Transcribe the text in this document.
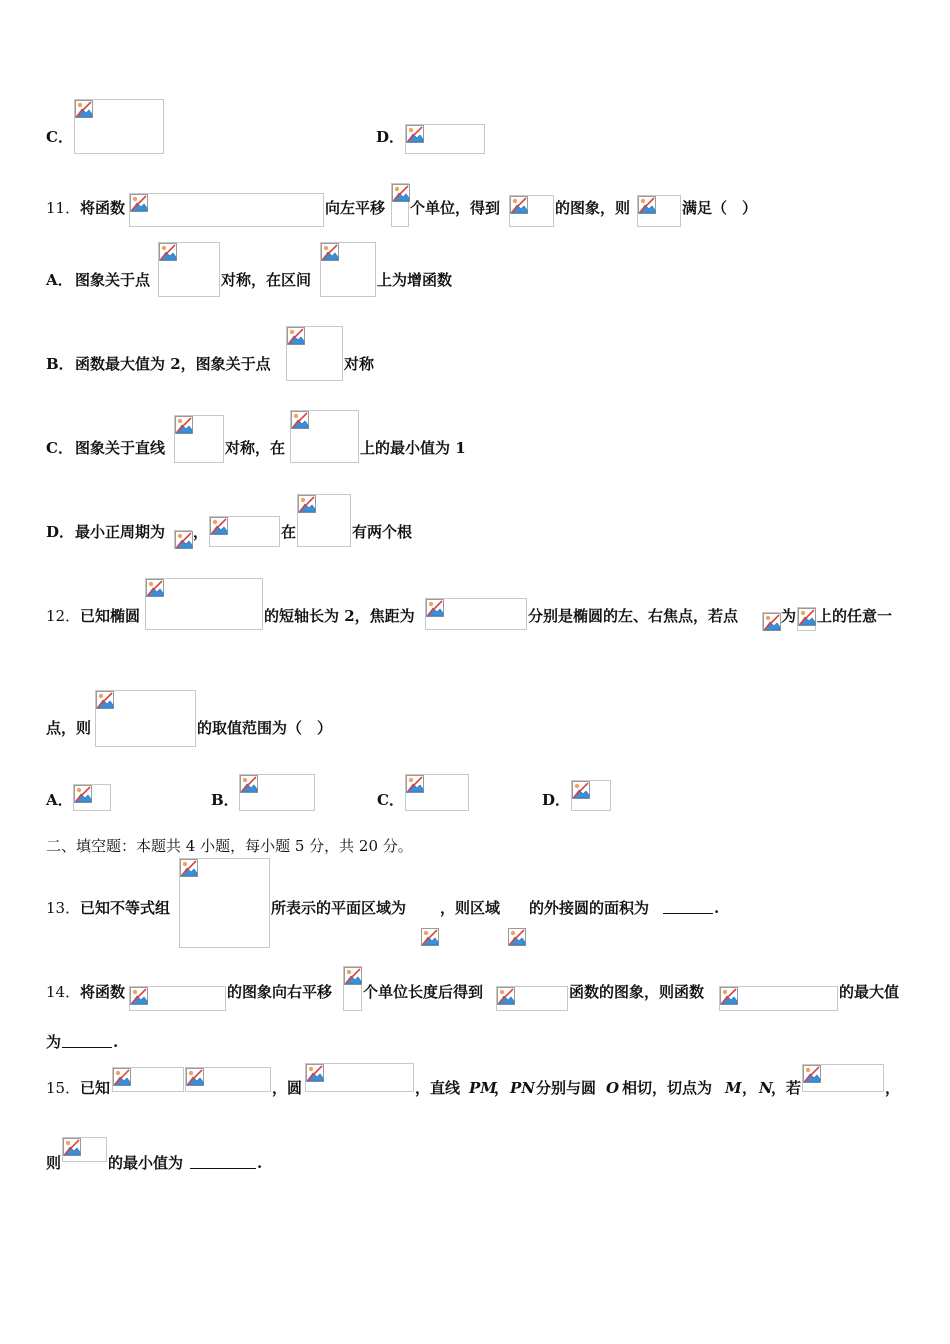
C．	D．
11． 将函数	向左平移 个单位，得到	的图象，则	满足（　）
A． 图象关于点	对称，在区间	上为增函数
B． 函数最大值为 2，图象关于点	对称
C． 图象关于直线	对称，在	上的最小值为 1
D． 最小正周期为 ，	在	有两个根
12． 已知椭圆	的短轴长为 2，焦距为	分别是椭圆的左、右焦点，若点	为 上的任意一
点，则	的取值范围为（　）
A．	B．	C．	D．
二、填空题：本题共 4 小题，每小题 5 分，共 20 分。
13． 已知不等式组	所表示的平面区域为 ，则区域 的外接圆的面积为	.
14． 将函数	的图象向右平移 个单位长度后得到	函数的图象，则函数	的最大值
为	.
15． 已知	，圆	，直线 PM
， PN 分别与圆 O 相切，切点为 M ， N
，若	，
则	的最小值为	.
